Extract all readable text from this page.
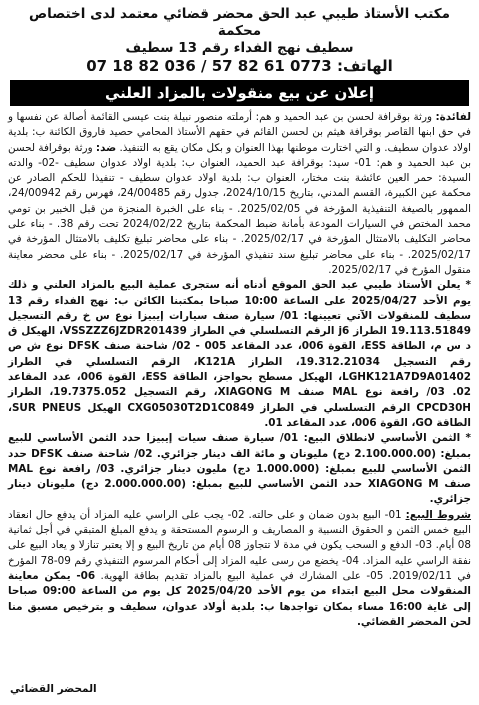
مكتب الأستاذ طيبي عبد الحق محضر قضائي معتمد لدى اختصاص محكمة
سطيف نهج الفداء رقم 13 سطيف
الهاتف: 07 18 82 036 / 57 82 61 0773
إعلان عن بيع منقولات بالمزاد العلني

لفائدة: ورثة بوقرافة لحسن بن عبد الحميد و هم: أرملته منصور نبيلة بنت عيسى القائمة أصالة عن نفسها و في حق ابنها القاصر بوقرافة هيثم بن لحسن القائم في حقهم الأستاذ المحامي حصيد فاروق الكائنة ب: بلدية اولاد عدوان سطيف. و التي اختارت موطنها بهذا العنوان و بكل مكان يقع به التنفيذ. ضد: ورثة بوقرافة لحسن بن عبد الحميد و هم: 01- سيد: بوقرافة عبد الحميد، العنوان ب: بلدية اولاد عدوان سطيف -02- والدته السيدة: حمر العين عائشة بنت مختار، العنوان ب: بلدية اولاد عدوان سطيف - تنفيذا للحكم الصادر عن محكمة عين الكبيرة، القسم المدني، بتاريخ 2024/10/15، جدول رقم 24/00485، فهرس رقم 24/00942، الممهور بالصيغة التنفيذية المؤرخة في 2025/02/05. - بناء على الخبرة المنجزة من قبل الخبير بن تومي محمد المختص في السيارات المودعة بأمانة ضبط المحكمة بتاريخ 2024/02/22 تحت رقم 38. - بناء على محاضر التكليف بالامتثال المؤرخة في 2025/02/17. - بناء على محاضر تبليغ تكليف بالامتثال المؤرخة في 2025/02/17. - بناء على محاضر تبليغ سند تنفيذي المؤرخة في 2025/02/17. - بناء على محضر معاينة منقول المؤرخ في 2025/02/17.

* يعلن الأستاذ طيبي عبد الحق الموقع أدناه أنه ستجرى عملية البيع بالمزاد العلني و ذلك يوم الأحد 2025/04/27 على الساعة 10:00 صباحا بمكتبنا الكائن ب: نهج الفداء رقم 13 سطيف للمنقولات الآتي تعيينها: 01/ سيارة صنف سيارات إيبيزا نوع س خ رقم التسجيل 19.113.51849 الطراز j6 الرقم التسلسلي في الطراز VSSZZZ6JZDR201439، الهيكل ق د س م، الطاقة ESS، القوة 006، عدد المقاعد 005 - 02/ شاحنة صنف DFSK نوع ش ص رقم التسجيل 19.312.21034، الطراز K121A، الرقم التسلسلي في الطراز LGHK121A7D9A01402، الهيكل مسطح بحواجز، الطاقة ESS، القوة 006، عدد المقاعد 02. 03/ رافعة نوع MAL صنف XIAGONG M، رقم التسجيل 19.7375.052، الطراز CPCD30H الرقم التسلسلي في الطراز CXG05030T2D1C0849 الهيكل SUR PNEUS، الطاقة GO، القوة 006، عدد المقاعد 01.

* الثمن الأساسي لانطلاق البيع: 01/ سيارة صنف سيات إيبيزا حدد الثمن الأساسي للبيع بمبلغ: (2.100.000.00 دج) مليونان و مائة الف دينار جزائري. 02/ شاحنة صنف DFSK حدد الثمن الأساسي للبيع بمبلغ: (1.000.000 دج) مليون دينار جزائري. 03/ رافعة نوع MAL صنف XIAGONG M حدد الثمن الأساسي للبيع بمبلغ: (2.000.000.00 دج) مليونان دينار جزائري.

شروط البيع: 01- البيع بدون ضمان و على حالته. 02- يجب على الراسي عليه المزاد أن يدفع حال انعقاد البيع خمس الثمن و الحقوق النسبية و المصاريف و الرسوم المستحقة و يدفع المبلغ المتبقي في أجل ثمانية 08 أيام. 03- الدفع و السحب يكون في مدة لا تتجاوز 08 أيام من تاريخ البيع و إلا يعتبر تنازلا و يعاد البيع على نفقة الراسي عليه المزاد. 04- يخضع من رسى عليه المزاد إلى أحكام المرسوم التنفيذي رقم 09-78 المؤرخ في 2019/02/11. 05- على المشارك في عملية البيع بالمزاد تقديم بطاقة الهوية. 06- يمكن معاينة المنقولات محل البيع ابتداء من يوم الأحد 2025/04/20 كل يوم من الساعة 09:00 صباحا إلى غاية 16:00 مساء بمكان تواجدها ب: بلدية أولاد عدوان، سطيف و بترخيص مسبق منا لحن المحضر القضائي.

المحضر القضائي
